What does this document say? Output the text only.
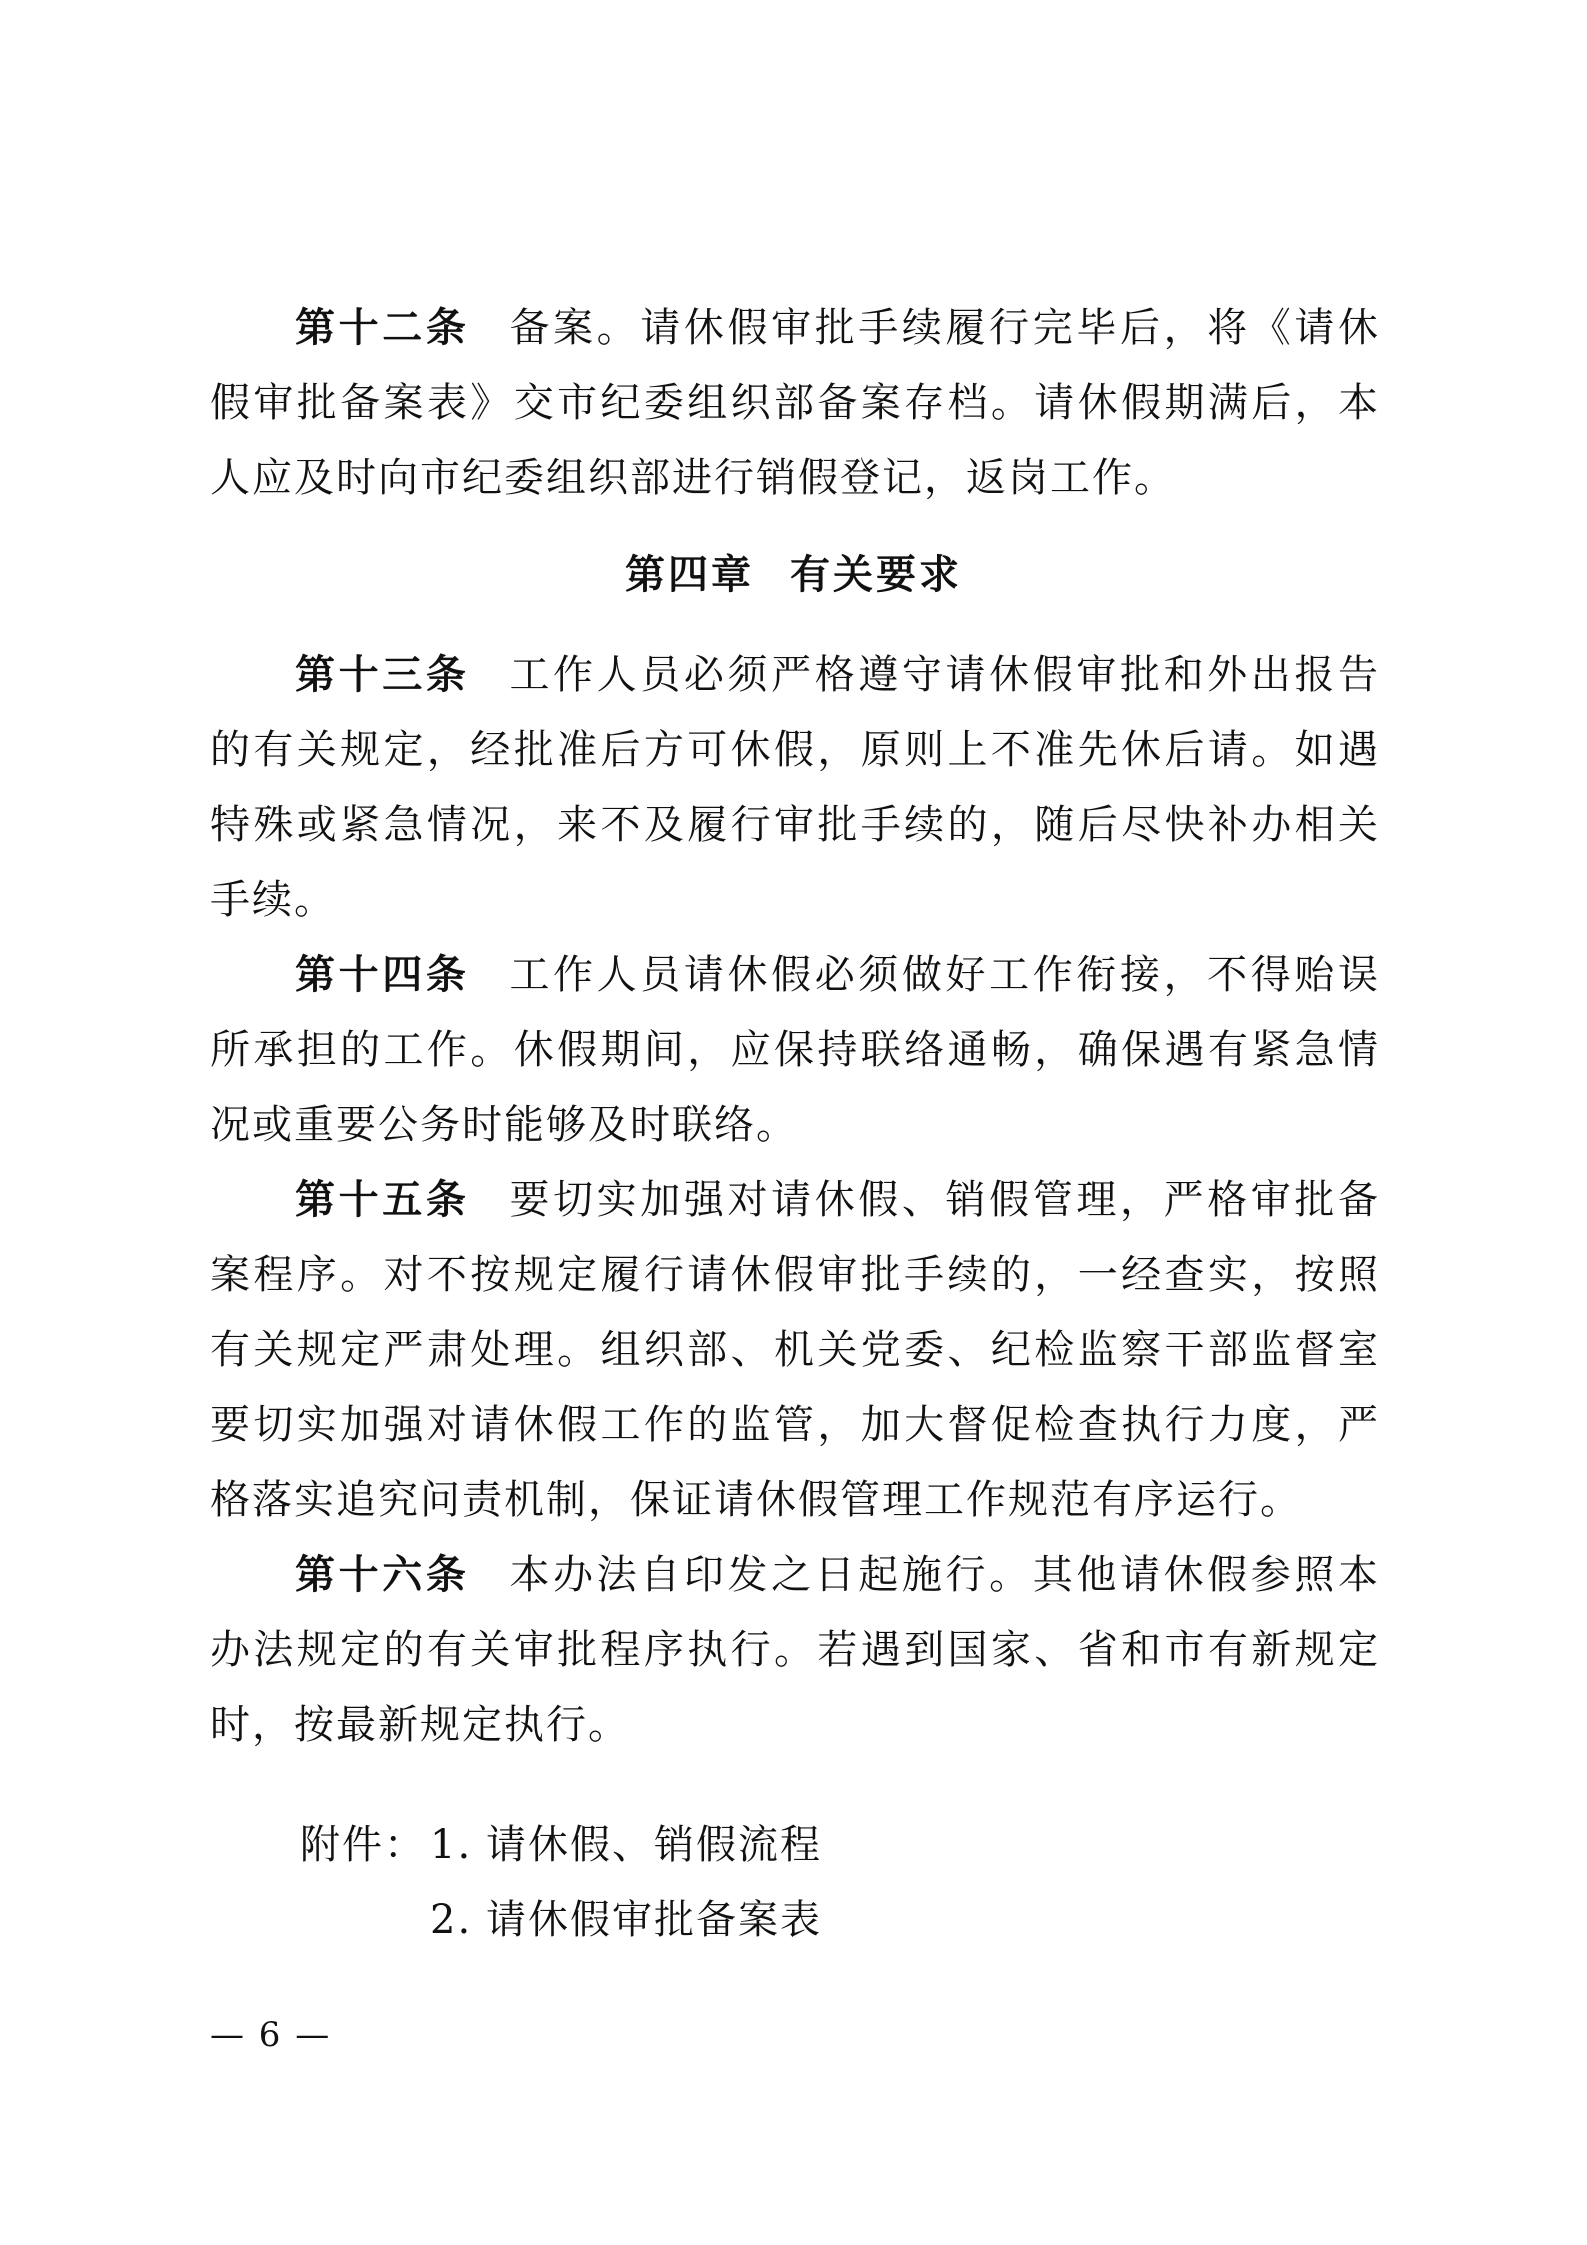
第十二条 备案。请休假审批手续履行完毕后，将《请休
假审批备案表》交市纪委组织部备案存档。请休假期满后，本
人应及时向市纪委组织部进行销假登记，返岗工作。
第四章 有关要求
第十三条 工作人员必须严格遵守请休假审批和外出报告
的有关规定，经批准后方可休假，原则上不准先休后请。如遇
特殊或紧急情况，来不及履行审批手续的，随后尽快补办相关
手续。
第十四条 工作人员请休假必须做好工作衔接，不得贻误
所承担的工作。休假期间，应保持联络通畅，确保遇有紧急情
况或重要公务时能够及时联络。
第十五条 要切实加强对请休假、销假管理，严格审批备
案程序。对不按规定履行请休假审批手续的，一经查实，按照
有关规定严肃处理。组织部、机关党委、纪检监察干部监督室
要切实加强对请休假工作的监管，加大督促检查执行力度，严
格落实追究问责机制，保证请休假管理工作规范有序运行。
第十六条 本办法自印发之日起施行。其他请休假参照本
办法规定的有关审批程序执行。若遇到国家、省和市有新规定
时，按最新规定执行。
附件： 1. 请休假、销假流程
2. 请休假审批备案表
— 6 —
